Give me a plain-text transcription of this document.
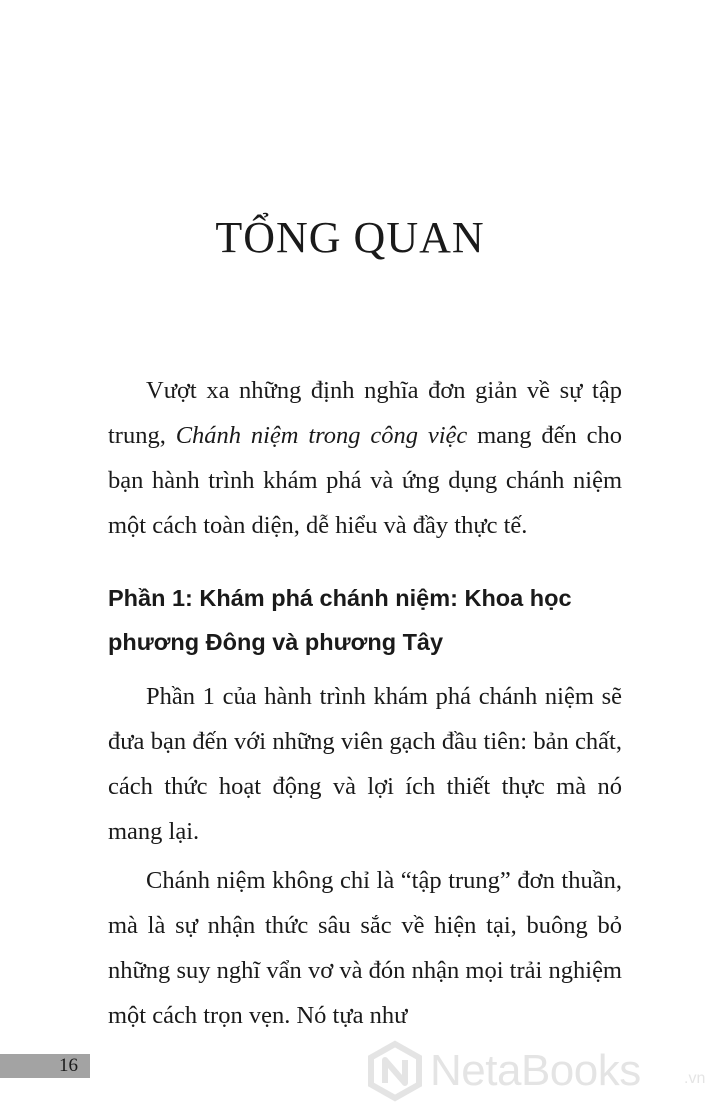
TỔNG QUAN

Vượt xa những định nghĩa đơn giản về sự tập trung, Chánh niệm trong công việc mang đến cho bạn hành trình khám phá và ứng dụng chánh niệm một cách toàn diện, dễ hiểu và đầy thực tế.

Phần 1: Khám phá chánh niệm: Khoa học phương Đông và phương Tây

Phần 1 của hành trình khám phá chánh niệm sẽ đưa bạn đến với những viên gạch đầu tiên: bản chất, cách thức hoạt động và lợi ích thiết thực mà nó mang lại.

Chánh niệm không chỉ là “tập trung” đơn thuần, mà là sự nhận thức sâu sắc về hiện tại, buông bỏ những suy nghĩ vẩn vơ và đón nhận mọi trải nghiệm một cách trọn vẹn. Nó tựa như

16	NetaBooks	.vn
